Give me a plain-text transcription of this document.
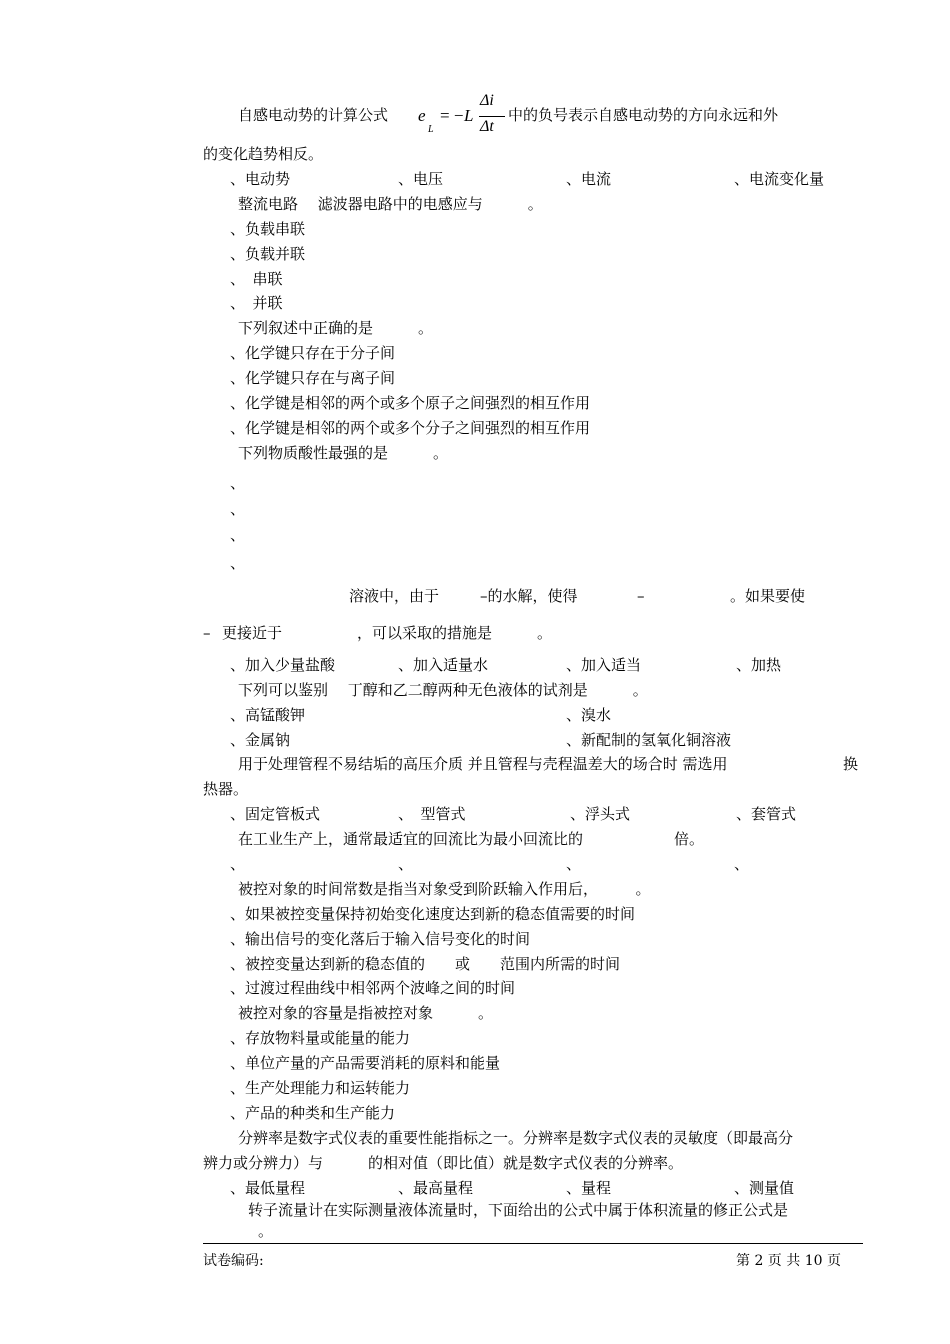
自感电动势的计算公式 e
L
= − L
Δi
Δt
中的负号表示自感电动势的方向永远和外
的变化趋势相反。
、电动势	、电压	、电流	、电流变化量
整流电路　 滤波器电路中的电感应与　　　。
、负载串联
、负载并联
、　串联
、　并联
下列叙述中正确的是　　　。
、化学键只存在于分子间
、化学键只存在与离子间
、化学键是相邻的两个或多个原子之间强烈的相互作用
、化学键是相邻的两个或多个分子之间强烈的相互作用
下列物质酸性最强的是　　　。
、
、
、
、
溶液中，由于	–的水解，使得	–	。如果要使
– 更接近于	，可以采取的措施是　　　。
、加入少量盐酸	、加入适量水	、加入适当	、加热
下列可以鉴别　 丁醇和乙二醇两种无色液体的试剂是　　　。
、高锰酸钾	、溴水
、金属钠	、新配制的氢氧化铜溶液
用于处理管程不易结垢的高压介质 并且管程与壳程温差大的场合时 需选用	换
热器。
、固定管板式	、　型管式	、浮头式	、套管式
在工业生产上，通常最适宜的回流比为最小回流比的	倍。
、	、	、	、
被控对象的时间常数是指当对象受到阶跃输入作用后，　　　。
、如果被控变量保持初始变化速度达到新的稳态值需要的时间
、输出信号的变化落后于输入信号变化的时间
、被控变量达到新的稳态值的　　或　　范围内所需的时间
、过渡过程曲线中相邻两个波峰之间的时间
被控对象的容量是指被控对象　　　。
、存放物料量或能量的能力
、单位产量的产品需要消耗的原料和能量
、生产处理能力和运转能力
、产品的种类和生产能力
分辨率是数字式仪表的重要性能指标之一。分辨率是数字式仪表的灵敏度（即最高分
辨力或分辨力）与　　　的相对值（即比值）就是数字式仪表的分辨率。
、最低量程	、最高量程	、量程	、测量值
转子流量计在实际测量液体流量时，下面给出的公式中属于体积流量的修正公式是
。
试卷编码:	第 2 页 共 10 页
